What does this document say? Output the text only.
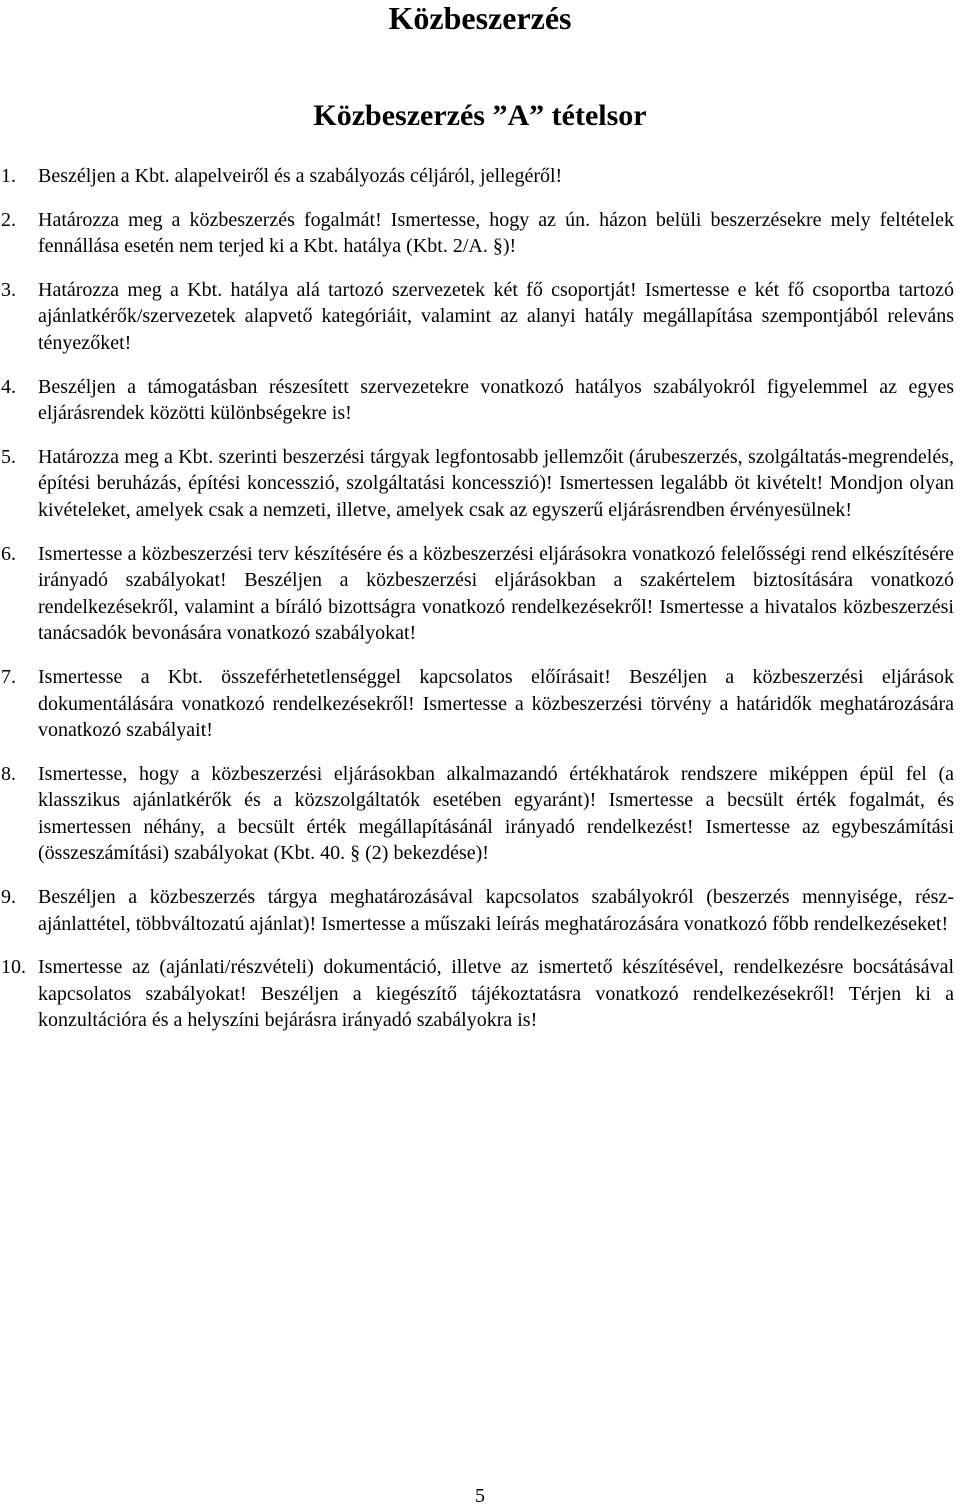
Közbeszerzés
Közbeszerzés ”A” tételsor
1. Beszéljen a Kbt. alapelveiről és a szabályozás céljáról, jellegéről!
2. Határozza meg a közbeszerzés fogalmát! Ismertesse, hogy az ún. házon belüli beszerzésekre mely feltételek fennállása esetén nem terjed ki a Kbt. hatálya (Kbt. 2/A. §)!
3. Határozza meg a Kbt. hatálya alá tartozó szervezetek két fő csoportját! Ismertesse e két fő csoportba tartozó ajánlatkérők/szervezetek alapvető kategóriáit, valamint az alanyi hatály megállapítása szempontjából releváns tényezőket!
4. Beszéljen a támogatásban részesített szervezetekre vonatkozó hatályos szabályokról figyelemmel az egyes eljárásrendek közötti különbségekre is!
5. Határozza meg a Kbt. szerinti beszerzési tárgyak legfontosabb jellemzőit (árubeszerzés, szolgáltatás-megrendelés, építési beruházás, építési koncesszió, szolgáltatási koncesszió)! Ismertessen legalább öt kivételt! Mondjon olyan kivételeket, amelyek csak a nemzeti, illetve, amelyek csak az egyszerű eljárásrendben érvényesülnek!
6. Ismertesse a közbeszerzési terv készítésére és a közbeszerzési eljárásokra vonatkozó felelősségi rend elkészítésére irányadó szabályokat! Beszéljen a közbeszerzési eljárásokban a szakértelem biztosítására vonatkozó rendelkezésekről, valamint a bíráló bizottságra vonatkozó rendelkezésekről! Ismertesse a hivatalos közbeszerzési tanácsadók bevonására vonatkozó szabályokat!
7. Ismertesse a Kbt. összeférhetetlenséggel kapcsolatos előírásait! Beszéljen a közbeszerzési eljárások dokumentálására vonatkozó rendelkezésekről! Ismertesse a közbeszerzési törvény a határidők meghatározására vonatkozó szabályait!
8. Ismertesse, hogy a közbeszerzési eljárásokban alkalmazandó értékhatárok rendszere miképpen épül fel (a klasszikus ajánlatkérők és a közszolgáltatók esetében egyaránt)! Ismertesse a becsült érték fogalmát, és ismertessen néhány, a becsült érték megállapításánál irányadó rendelkezést! Ismertesse az egybeszámítási (összeszámítási) szabályokat (Kbt. 40. § (2) bekezdése)!
9. Beszéljen a közbeszerzés tárgya meghatározásával kapcsolatos szabályokról (beszerzés mennyisége, rész-ajánlattétel, többváltozatú ajánlat)! Ismertesse a műszaki leírás meghatározására vonatkozó főbb rendelkezéseket!
10. Ismertesse az (ajánlati/részvételi) dokumentáció, illetve az ismertető készítésével, rendelkezésre bocsátásával kapcsolatos szabályokat! Beszéljen a kiegészítő tájékoztatásra vonatkozó rendelkezésekről! Térjen ki a konzultációra és a helyszíni bejárásra irányadó szabályokra is!
5
